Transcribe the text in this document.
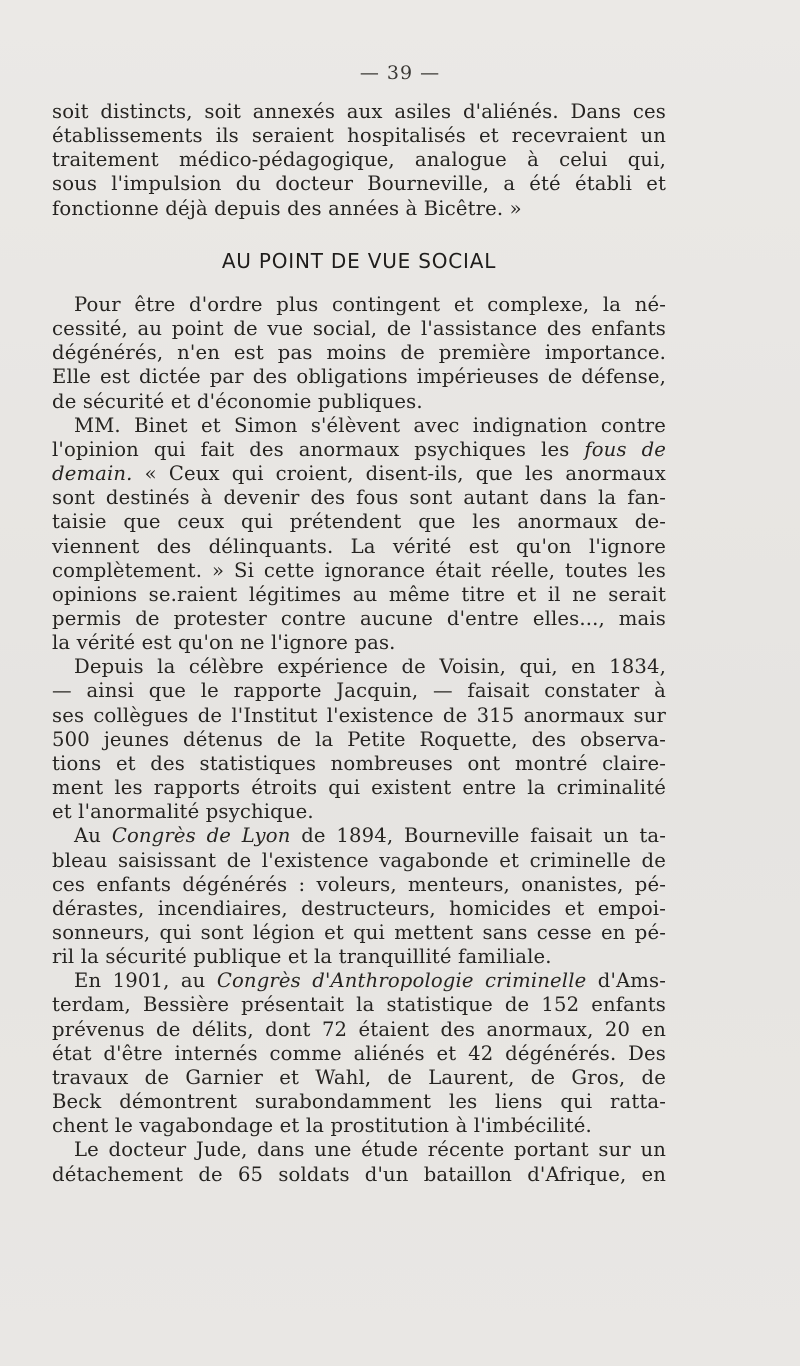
— 39 —
soit distincts, soit annexés aux asiles d'aliénés. Dans ces
établissements ils seraient hospitalisés et recevraient un
traitement médico-pédagogique, analogue à celui qui,
sous l'impulsion du docteur Bourneville, a été établi et
fonctionne déjà depuis des années à Bicêtre. »
AU POINT DE VUE SOCIAL
Pour être d'ordre plus contingent et complexe, la né-
cessité, au point de vue social, de l'assistance des enfants
dégénérés, n'en est pas moins de première importance.
Elle est dictée par des obligations impérieuses de défense,
de sécurité et d'économie publiques.
MM. Binet et Simon s'élèvent avec indignation contre
l'opinion qui fait des anormaux psychiques les fous de
demain. « Ceux qui croient, disent-ils, que les anormaux
sont destinés à devenir des fous sont autant dans la fan-
taisie que ceux qui prétendent que les anormaux de-
viennent des délinquants. La vérité est qu'on l'ignore
complètement. » Si cette ignorance était réelle, toutes les
opinions se.raient légitimes au même titre et il ne serait
permis de protester contre aucune d'entre elles..., mais
la vérité est qu'on ne l'ignore pas.
Depuis la célèbre expérience de Voisin, qui, en 1834,
— ainsi que le rapporte Jacquin, — faisait constater à
ses collègues de l'Institut l'existence de 315 anormaux sur
500 jeunes détenus de la Petite Roquette, des observa-
tions et des statistiques nombreuses ont montré claire-
ment les rapports étroits qui existent entre la criminalité
et l'anormalité psychique.
Au Congrès de Lyon de 1894, Bourneville faisait un ta-
bleau saisissant de l'existence vagabonde et criminelle de
ces enfants dégénérés : voleurs, menteurs, onanistes, pé-
dérastes, incendiaires, destructeurs, homicides et empoi-
sonneurs, qui sont légion et qui mettent sans cesse en pé-
ril la sécurité publique et la tranquillité familiale.
En 1901, au Congrès d'Anthropologie criminelle d'Ams-
terdam, Bessière présentait la statistique de 152 enfants
prévenus de délits, dont 72 étaient des anormaux, 20 en
état d'être internés comme aliénés et 42 dégénérés. Des
travaux de Garnier et Wahl, de Laurent, de Gros, de
Beck démontrent surabondamment les liens qui ratta-
chent le vagabondage et la prostitution à l'imbécilité.
Le docteur Jude, dans une étude récente portant sur un
détachement de 65 soldats d'un bataillon d'Afrique, en
